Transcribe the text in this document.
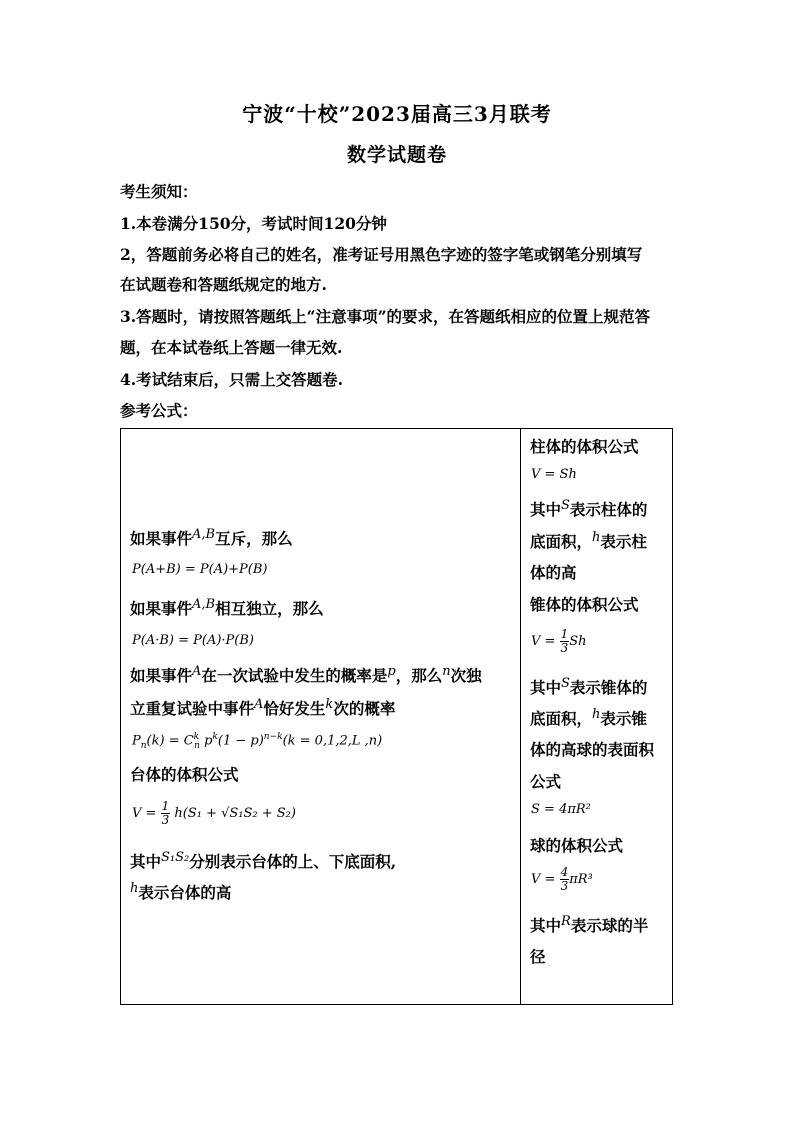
宁波“十校”2023届高三3月联考
数学试题卷
考生须知：
1.本卷满分150分，考试时间120分钟
2，答题前务必将自己的姓名，准考证号用黑色字迹的签字笔或钢笔分别填写
在试题卷和答题纸规定的地方.
3.答题时，请按照答题纸上“注意事项”的要求，在答题纸相应的位置上规范答
题，在本试卷纸上答题一律无效.
4.考试结束后，只需上交答题卷.
参考公式：
如果事件$^{A,B}$互斥，那么
P(A+B) = P(A)+P(B)
如果事件$^{A,B}$相互独立，那么
P(A·B) = P(A)·P(B)
如果事件$^A$在一次试验中发生的概率是$^p$，那么$^n$次独
立重复试验中事件$^A$恰好发生$^k$次的概率
$P_n(k) = C^k_n$ $p^k(1 - p)^{n-k}(k = 0,1,2,L$ ,n)
台体的体积公式
$V = \frac{1}{3} h(S_1 + √S_1S_2 + S_2)$
其中$^{S_1S_2}$分别表示台体的上、下底面积,
$^h$表示台体的高
柱体的体积公式
V = Sh
其中$^S$表示柱体的
底面积，$^h$表示柱
体的高
锥体的体积公式
$V = \frac{1}{3}$ Sh
其中$^S$表示锥体的
底面积，$^h$表示锥
体的高球的表面积
公式
S = 4πR²
球的体积公式
$V = \frac{4}{3} \pi R^3$
其中$^R$表示球的半
径
